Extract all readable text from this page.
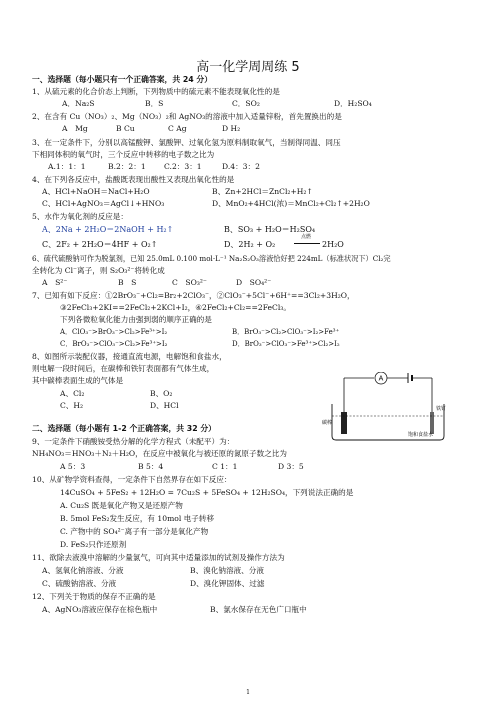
高一化学周周练 5
一、选择题（每小题只有一个正确答案，共 24 分）
1、从硫元素的化合价态上判断，下列物质中的硫元素不能表现氧化性的是
A．Na₂S	B．S	C．SO₂	D．H₂SO₄
2、在含有 Cu（NO₃）₂、Mg（NO₃）₂和 AgNO₃的溶液中加入适量锌粉，首先置换出的是
A　Mg	B Cu	C Ag	D H₂
3、在一定条件下，分别以高锰酸钾、氯酸钾、过氧化氢为原料制取氧气，当制得同温、同压
下相同体积的氧气时，三个反应中转移的电子数之比为
A.1：1：1	B.2：2：1 C.2：3：1	D.4：3：2
4、在下列各反应中，盐酸既表现出酸性又表现出氧化性的是
A、HCl+NaOH＝NaCl+H₂O	B、Zn+2HCl＝ZnCl₂+H₂↑
C、HCl+AgNO₃＝AgCl↓+HNO₃	D、MnO₂+4HCl(浓)＝MnCl₂+Cl₂↑+2H₂O
5、水作为氧化剂的反应是：
A、2Na + 2H₂O＝2NaOH + H₂↑	B、SO₃ + H₂O＝H₂SO₄
C、2F₂ + 2H₂O＝4HF + O₂↑	D、2H₂ + O₂
点燃
2H₂O
6、硫代硫酸钠可作为脱氯剂，已知 25.0mL 0.100 mol·L⁻¹ Na₂S₂O₃溶液恰好把 224mL（标准状况下）Cl₂完
全转化为 Cl⁻离子，则 S₂O₃²⁻将转化成
A　S²⁻	B　S	C　SO₃²⁻	D　SO₄²⁻
7、已知有如下反应：①2BrO₃⁻+Cl₂=Br₂+2ClO₃⁻，②ClO₃⁻+5Cl⁻+6H⁺==3Cl₂+3H₂O，
③2FeCl₃+2KI==2FeCl₂+2KCl+I₂，④2FeCl₂+Cl₂==2FeCl₃。
下列各微粒氧化能力由强到弱的顺序正确的是
A．ClO₃⁻>BrO₃⁻>Cl₂>Fe³⁺>I₂	B．BrO₃⁻>Cl₂>ClO₃⁻>I₂>Fe³⁺
C．BrO₃⁻>ClO₃⁻>Cl₂>Fe³⁺>I₂	D．BrO₃⁻>ClO₃⁻>Fe³⁺>Cl₂>I₂
8、如图所示装配仪器，接通直流电源，电解饱和食盐水，
则电解一段时间后，在碳棒和铁钉表面都有气体生成，
其中碳棒表面生成的气体是
A、Cl₂	B、O₂
C、H₂	D、HCl
A
碳棒
铁钉
饱和食盐水
二、选择题（每小题有 1-2 个正确答案，共 32 分）
9、一定条件下硝酸铵受热分解的化学方程式（未配平）为：
NH₄NO₃＝HNO₃＋N₂＋H₂O，在反应中被氧化与被还原的氮原子数之比为
A 5：3	B 5：4	C 1：1	D 3：5
10、从矿物学资料查得，一定条件下自然界存在如下反应：
14CuSO₄ + 5FeS₂ + 12H₂O = 7Cu₂S + 5FeSO₄ + 12H₂SO₄，下列说法正确的是
A. Cu₂S 既是氧化产物又是还原产物
B. 5mol FeS₂发生反应，有 10mol 电子转移
C. 产物中的 SO₄²⁻离子有一部分是氧化产物
D. FeS₂只作还原剂
11、欲除去液溴中溶解的少量氯气，可向其中适量添加的试剂及操作方法为
A、氢氧化钠溶液、分液	B、溴化钠溶液、分液
C、硫酸钠溶液、分液	D、溴化钾固体、过滤
12、下列关于物质的保存不正确的是
A、AgNO₃溶液应保存在棕色瓶中	B、氯水保存在无色广口瓶中
1
